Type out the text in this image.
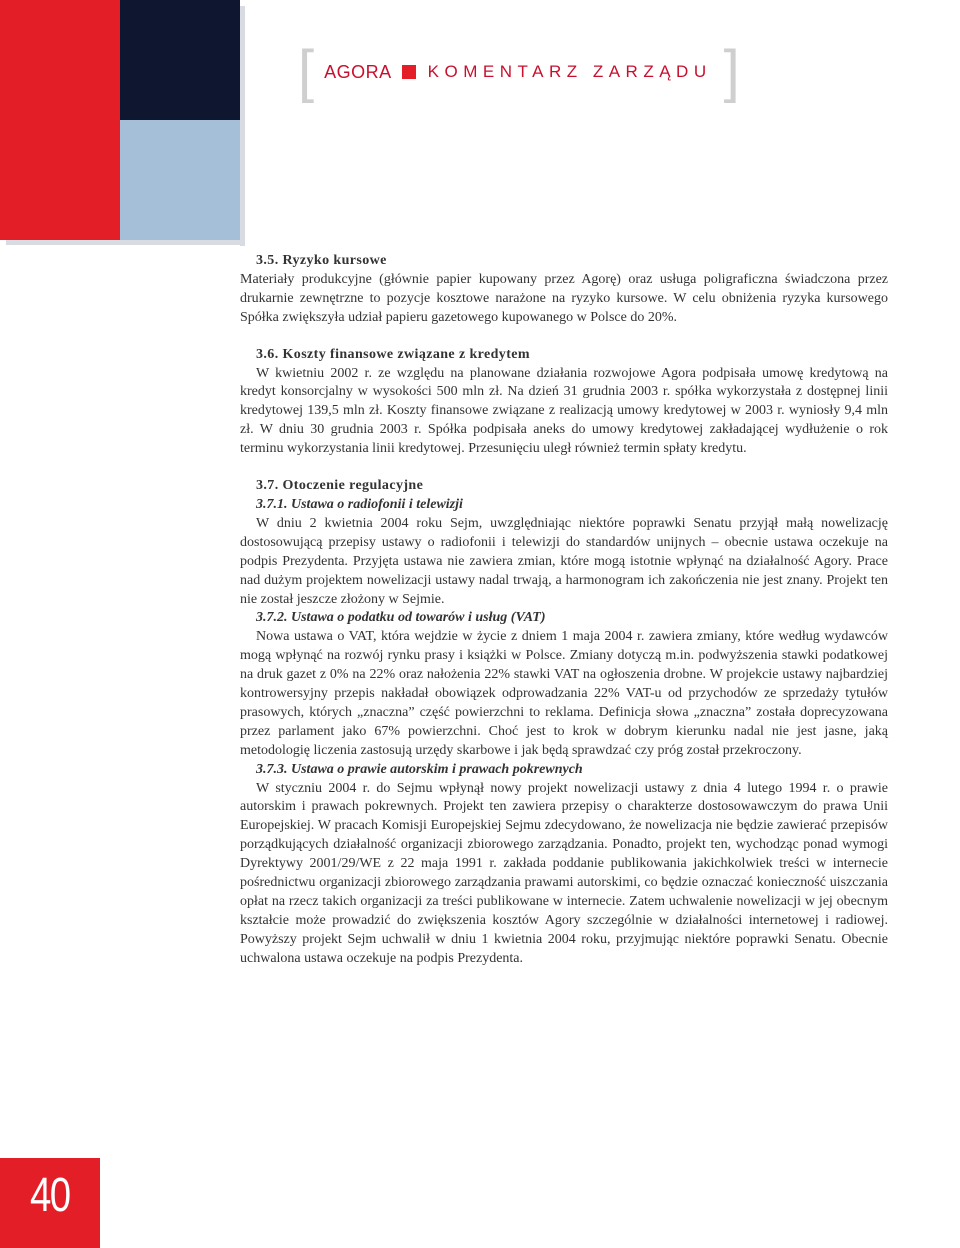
[ AGORA KOMENTARZ ZARZĄDU ]
3.5. Ryzyko kursowe

Materiały produkcyjne (głównie papier kupowany przez Agorę) oraz usługa poligraficzna świadczona przez drukarnie zewnętrzne to pozycje kosztowe narażone na ryzyko kursowe. W celu obniżenia ryzyka kursowego Spółka zwiększyła udział papieru gazetowego kupowanego w Polsce do 20%.

3.6. Koszty finansowe związane z kredytem

W kwietniu 2002 r. ze względu na planowane działania rozwojowe Agora podpisała umowę kredytową na kredyt konsorcjalny w wysokości 500 mln zł. Na dzień 31 grudnia 2003 r. spółka wykorzystała z dostępnej linii kredytowej 139,5 mln zł. Koszty finansowe związane z realizacją umowy kredytowej w 2003 r. wyniosły 9,4 mln zł. W dniu 30 grudnia 2003 r. Spółka podpisała aneks do umowy kredytowej zakładającej wydłużenie o rok terminu wykorzystania linii kredytowej. Przesunięciu uległ również termin spłaty kredytu.

3.7. Otoczenie regulacyjne
3.7.1. Ustawa o radiofonii i telewizji

W dniu 2 kwietnia 2004 roku Sejm, uwzględniając niektóre poprawki Senatu przyjął małą nowelizację dostosowującą przepisy ustawy o radiofonii i telewizji do standardów unijnych – obecnie ustawa oczekuje na podpis Prezydenta. Przyjęta ustawa nie zawiera zmian, które mogą istotnie wpłynąć na działalność Agory. Prace nad dużym projektem nowelizacji ustawy nadal trwają, a harmonogram ich zakończenia nie jest znany. Projekt ten nie został jeszcze złożony w Sejmie.

3.7.2. Ustawa o podatku od towarów i usług (VAT)

Nowa ustawa o VAT, która wejdzie w życie z dniem 1 maja 2004 r. zawiera zmiany, które według wydawców mogą wpłynąć na rozwój rynku prasy i książki w Polsce. Zmiany dotyczą m.in. podwyższenia stawki podatkowej na druk gazet z 0% na 22% oraz nałożenia 22% stawki VAT na ogłoszenia drobne. W projekcie ustawy najbardziej kontrowersyjny przepis nakładał obowiązek odprowadzania 22% VAT-u od przychodów ze sprzedaży tytułów prasowych, których „znaczna” część powierzchni to reklama. Definicja słowa „znaczna” została doprecyzowana przez parlament jako 67% powierzchni. Choć jest to krok w dobrym kierunku nadal nie jest jasne, jaką metodologię liczenia zastosują urzędy skarbowe i jak będą sprawdzać czy próg został przekroczony.

3.7.3. Ustawa o prawie autorskim i prawach pokrewnych

W styczniu 2004 r. do Sejmu wpłynął nowy projekt nowelizacji ustawy z dnia 4 lutego 1994 r. o prawie autorskim i prawach pokrewnych. Projekt ten zawiera przepisy o charakterze dostosowawczym do prawa Unii Europejskiej. W pracach Komisji Europejskiej Sejmu zdecydowano, że nowelizacja nie będzie zawierać przepisów porządkujących działalność organizacji zbiorowego zarządzania. Ponadto, projekt ten, wychodząc ponad wymogi Dyrektywy 2001/29/WE z 22 maja 1991 r. zakłada poddanie publikowania jakichkolwiek treści w internecie pośrednictwu organizacji zbiorowego zarządzania prawami autorskimi, co będzie oznaczać konieczność uiszczania opłat na rzecz takich organizacji za treści publikowane w internecie. Zatem uchwalenie nowelizacji w jej obecnym kształcie może prowadzić do zwiększenia kosztów Agory szczególnie w działalności internetowej i radiowej. Powyższy projekt Sejm uchwalił w dniu 1 kwietnia 2004 roku, przyjmując niektóre poprawki Senatu. Obecnie uchwalona ustawa oczekuje na podpis Prezydenta.

40
